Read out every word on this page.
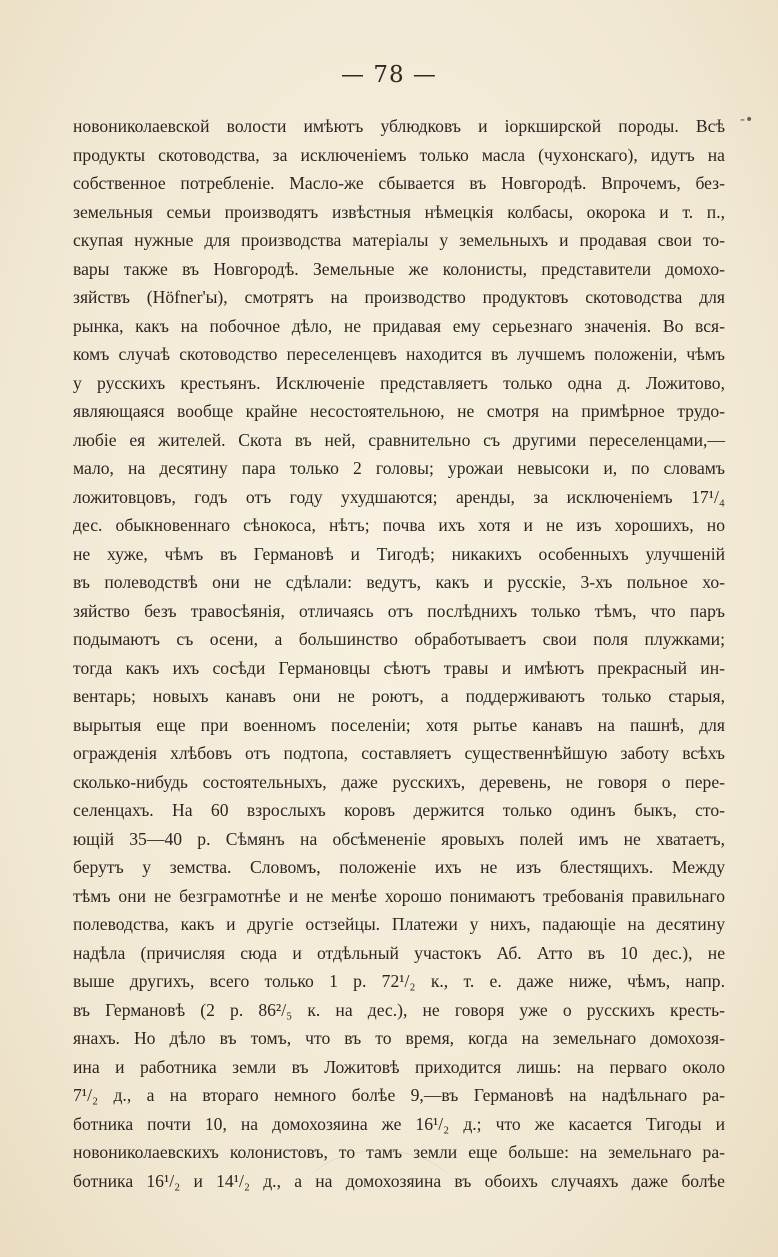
— 78 —
-•
новониколаевской волости имѣютъ ублюдковъ и iоркширской породы. Всѣ
продукты скотоводства, за исключенiемъ только масла (чухонскаго), идутъ на
собственное потребленiе. Масло-же сбывается въ Новгородѣ. Впрочемъ, без-
земельныя семьи производятъ извѣстныя нѣмецкiя колбасы, окорока и т. п.,
скупая нужные для производства матерiалы у земельныхъ и продавая свои то-
вары также въ Новгородѣ. Земельные же колонисты, представители домохо-
зяйствъ (Höfner'ы), смотрятъ на производство продуктовъ скотоводства для
рынка, какъ на побочное дѣло, не придавая ему серьезнаго значенiя. Во вся-
комъ случаѣ скотоводство переселенцевъ находится въ лучшемъ положенiи, чѣмъ
у русскихъ крестьянъ. Исключенiе представляетъ только одна д. Ложитово,
являющаяся вообще крайне несостоятельною, не смотря на примѣрное трудо-
любiе ея жителей. Скота въ ней, сравнительно съ другими переселенцами,—
мало, на десятину пара только 2 головы; урожаи невысоки и, по словамъ
ложитовцовъ, годъ отъ году ухудшаются; аренды, за исключенiемъ 17¹/₄
дес. обыкновеннаго сѣнокоса, нѣтъ; почва ихъ хотя и не изъ хорошихъ, но
не хуже, чѣмъ въ Германовѣ и Тигодѣ; никакихъ особенныхъ улучшенiй
въ полеводствѣ они не сдѣлали: ведутъ, какъ и русскiе, 3-хъ польное хо-
зяйство безъ травосѣянiя, отличаясь отъ послѣднихъ только тѣмъ, что паръ
подымаютъ съ осени, а большинство обработываетъ свои поля плужками;
тогда какъ ихъ сосѣди Германовцы сѣютъ травы и имѣютъ прекрасный ин-
вентарь; новыхъ канавъ они не роютъ, а поддерживаютъ только старыя,
вырытыя еще при военномъ поселенiи; хотя рытье канавъ на пашнѣ, для
огражденiя хлѣбовъ отъ подтопа, составляетъ существеннѣйшую заботу всѣхъ
сколько-нибудь состоятельныхъ, даже русскихъ, деревень, не говоря о пере-
селенцахъ. На 60 взрослыхъ коровъ держится только одинъ быкъ, сто-
ющiй 35—40 р. Сѣмянъ на обсѣмененiе яровыхъ полей имъ не хватаетъ,
берутъ у земства. Словомъ, положенiе ихъ не изъ блестящихъ. Между
тѣмъ они не безграмотнѣе и не менѣе хорошо понимаютъ требованiя правильнаго
полеводства, какъ и другiе остзейцы. Платежи у нихъ, падающiе на десятину
надѣла (причисляя сюда и отдѣльный участокъ Аб. Атто въ 10 дес.), не
выше другихъ, всего только 1 р. 72¹/₂ к., т. е. даже ниже, чѣмъ, напр.
въ Германовѣ (2 р. 86²/₅ к. на дес.), не говоря уже о русскихъ кресть-
янахъ. Но дѣло въ томъ, что въ то время, когда на земельнаго домохозя-
ина и работника земли въ Ложитовѣ приходится лишь: на перваго около
7¹/₂ д., а на втораго немного болѣе 9,—въ Германовѣ на надѣльнаго ра-
ботника почти 10, на домохозяина же 16¹/₂ д.; что же касается Тигоды и
новониколаевскихъ колонистовъ, то тамъ земли еще больше: на земельнаго ра-
ботника 16¹/₂ и 14¹/₂ д., а на домохозяина въ обоихъ случаяхъ даже болѣе
